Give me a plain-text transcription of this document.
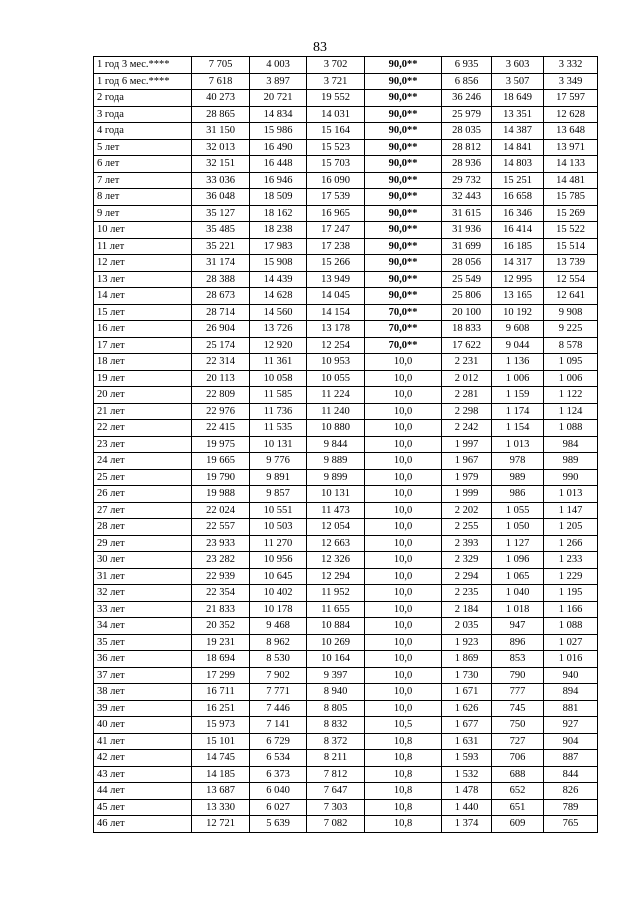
83
1 год 3 мес.****	7 705	4 003	3 702	90,0**	6 935	3 603	3 332
1 год 6 мес.****	7 618	3 897	3 721	90,0**	6 856	3 507	3 349
2 года	40 273	20 721	19 552	90,0**	36 246	18 649	17 597
3 года	28 865	14 834	14 031	90,0**	25 979	13 351	12 628
4 года	31 150	15 986	15 164	90,0**	28 035	14 387	13 648
5 лет	32 013	16 490	15 523	90,0**	28 812	14 841	13 971
6 лет	32 151	16 448	15 703	90,0**	28 936	14 803	14 133
7 лет	33 036	16 946	16 090	90,0**	29 732	15 251	14 481
8 лет	36 048	18 509	17 539	90,0**	32 443	16 658	15 785
9 лет	35 127	18 162	16 965	90,0**	31 615	16 346	15 269
10 лет	35 485	18 238	17 247	90,0**	31 936	16 414	15 522
11 лет	35 221	17 983	17 238	90,0**	31 699	16 185	15 514
12 лет	31 174	15 908	15 266	90,0**	28 056	14 317	13 739
13 лет	28 388	14 439	13 949	90,0**	25 549	12 995	12 554
14 лет	28 673	14 628	14 045	90,0**	25 806	13 165	12 641
15 лет	28 714	14 560	14 154	70,0**	20 100	10 192	9 908
16 лет	26 904	13 726	13 178	70,0**	18 833	9 608	9 225
17 лет	25 174	12 920	12 254	70,0**	17 622	9 044	8 578
18 лет	22 314	11 361	10 953	10,0	2 231	1 136	1 095
19 лет	20 113	10 058	10 055	10,0	2 012	1 006	1 006
20 лет	22 809	11 585	11 224	10,0	2 281	1 159	1 122
21 лет	22 976	11 736	11 240	10,0	2 298	1 174	1 124
22 лет	22 415	11 535	10 880	10,0	2 242	1 154	1 088
23 лет	19 975	10 131	9 844	10,0	1 997	1 013	984
24 лет	19 665	9 776	9 889	10,0	1 967	978	989
25 лет	19 790	9 891	9 899	10,0	1 979	989	990
26 лет	19 988	9 857	10 131	10,0	1 999	986	1 013
27 лет	22 024	10 551	11 473	10,0	2 202	1 055	1 147
28 лет	22 557	10 503	12 054	10,0	2 255	1 050	1 205
29 лет	23 933	11 270	12 663	10,0	2 393	1 127	1 266
30 лет	23 282	10 956	12 326	10,0	2 329	1 096	1 233
31 лет	22 939	10 645	12 294	10,0	2 294	1 065	1 229
32 лет	22 354	10 402	11 952	10,0	2 235	1 040	1 195
33 лет	21 833	10 178	11 655	10,0	2 184	1 018	1 166
34 лет	20 352	9 468	10 884	10,0	2 035	947	1 088
35 лет	19 231	8 962	10 269	10,0	1 923	896	1 027
36 лет	18 694	8 530	10 164	10,0	1 869	853	1 016
37 лет	17 299	7 902	9 397	10,0	1 730	790	940
38 лет	16 711	7 771	8 940	10,0	1 671	777	894
39 лет	16 251	7 446	8 805	10,0	1 626	745	881
40 лет	15 973	7 141	8 832	10,5	1 677	750	927
41 лет	15 101	6 729	8 372	10,8	1 631	727	904
42 лет	14 745	6 534	8 211	10,8	1 593	706	887
43 лет	14 185	6 373	7 812	10,8	1 532	688	844
44 лет	13 687	6 040	7 647	10,8	1 478	652	826
45 лет	13 330	6 027	7 303	10,8	1 440	651	789
46 лет	12 721	5 639	7 082	10,8	1 374	609	765
